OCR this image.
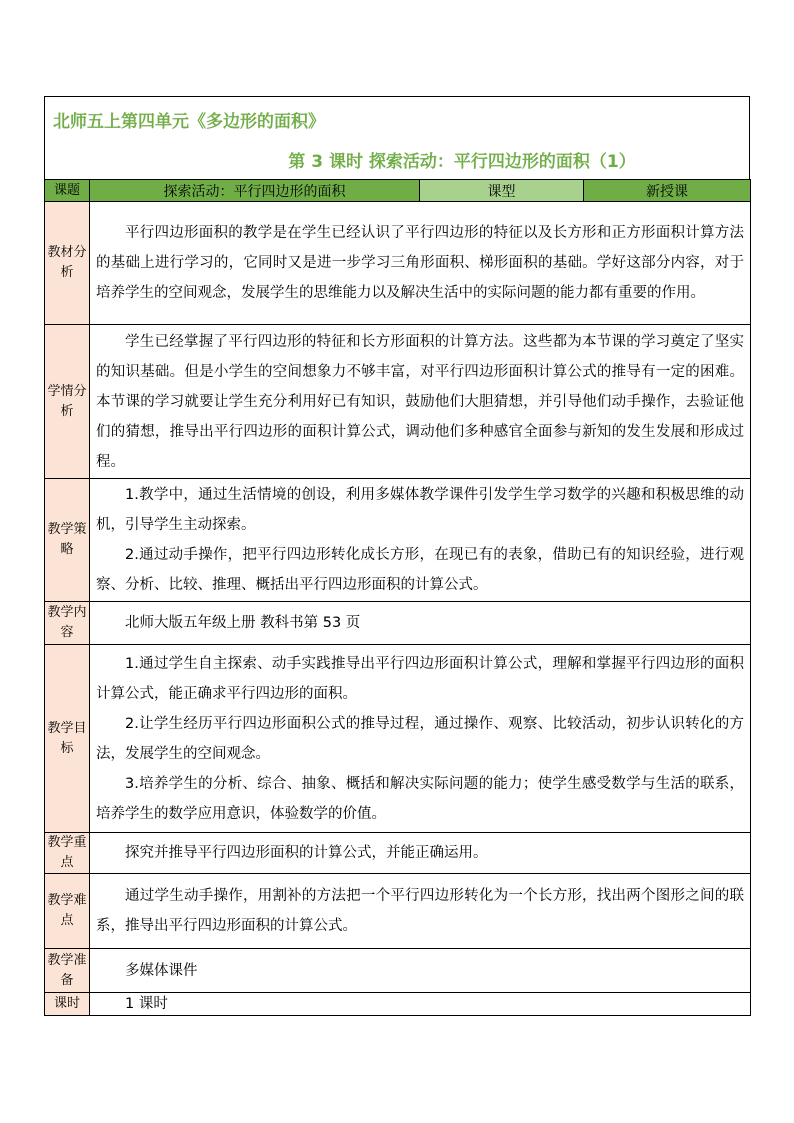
北师五上第四单元《多边形的面积》
第 3 课时 探索活动：平行四边形的面积（1）
课题	探索活动：平行四边形的面积	课型	新授课
教材分析	平行四边形面积的教学是在学生已经认识了平行四边形的特征以及长方形和正方形面积计算方法的基础上进行学习的，它同时又是进一步学习三角形面积、梯形面积的基础。学好这部分内容，对于培养学生的空间观念，发展学生的思维能力以及解决生活中的实际问题的能力都有重要的作用。		

学情分析	学生已经掌握了平行四边形的特征和长方形面积的计算方法。这些都为本节课的学习奠定了坚实的知识基础。但是小学生的空间想象力不够丰富，对平行四边形面积计算公式的推导有一定的困难。本节课的学习就要让学生充分利用好已有知识，鼓励他们大胆猜想，并引导他们动手操作，去验证他们的猜想，推导出平行四边形的面积计算公式，调动他们多种感官全面参与新知的发生发展和形成过程。		

教学策略	1.教学中，通过生活情境的创设，利用多媒体教学课件引发学生学习数学的兴趣和积极思维的动机，引导学生主动探索。
2.通过动手操作，把平行四边形转化成长方形，在现已有的表象，借助已有的知识经验，进行观察、分析、比较、推理、概括出平行四边形面积的计算公式。		

教学内容	北师大版五年级上册 教科书第 53 页		

教学目标	1.通过学生自主探索、动手实践推导出平行四边形面积计算公式，理解和掌握平行四边形的面积计算公式，能正确求平行四边形的面积。
2.让学生经历平行四边形面积公式的推导过程，通过操作、观察、比较活动，初步认识转化的方法，发展学生的空间观念。
3.培养学生的分析、综合、抽象、概括和解决实际问题的能力；使学生感受数学与生活的联系，培养学生的数学应用意识，体验数学的价值。		

教学重点	探究并推导平行四边形面积的计算公式，并能正确运用。		

教学难点	通过学生动手操作，用割补的方法把一个平行四边形转化为一个长方形，找出两个图形之间的联系，推导出平行四边形面积的计算公式。		

教学准备	多媒体课件		

课时	1 课时		
